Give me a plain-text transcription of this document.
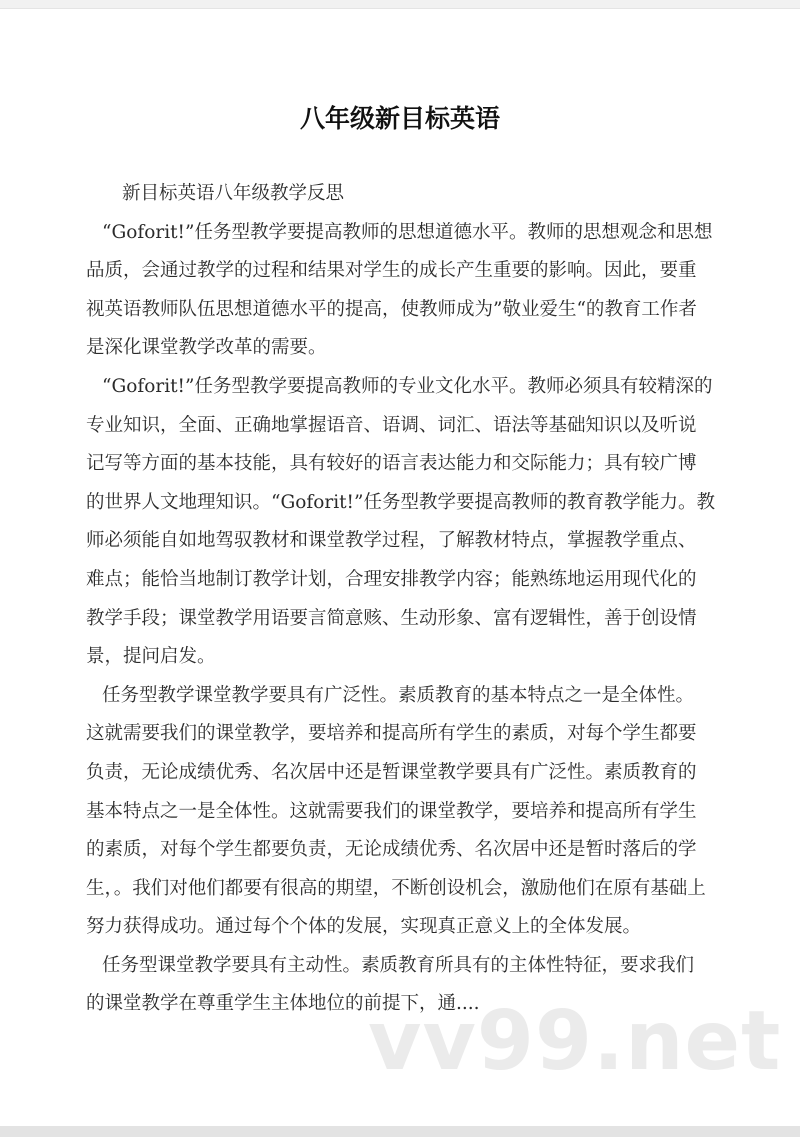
八年级新目标英语
新目标英语八年级教学反思
“Goforit!”任务型教学要提高教师的思想道德水平。教师的思想观念和思想
品质，会通过教学的过程和结果对学生的成长产生重要的影响。因此，要重
视英语教师队伍思想道德水平的提高，使教师成为”敬业爱生“的教育工作者
是深化课堂教学改革的需要。
“Goforit!”任务型教学要提高教师的专业文化水平。教师必须具有较精深的
专业知识，全面、正确地掌握语音、语调、词汇、语法等基础知识以及听说
记写等方面的基本技能，具有较好的语言表达能力和交际能力；具有较广博
的世界人文地理知识。“Goforit!”任务型教学要提高教师的教育教学能力。教
师必须能自如地驾驭教材和课堂教学过程，了解教材特点，掌握教学重点、
难点；能恰当地制订教学计划，合理安排教学内容；能熟练地运用现代化的
教学手段；课堂教学用语要言简意赅、生动形象、富有逻辑性，善于创设情
景，提问启发。
任务型教学课堂教学要具有广泛性。素质教育的基本特点之一是全体性。
这就需要我们的课堂教学，要培养和提高所有学生的素质，对每个学生都要
负责，无论成绩优秀、名次居中还是暂课堂教学要具有广泛性。素质教育的
基本特点之一是全体性。这就需要我们的课堂教学，要培养和提高所有学生
的素质，对每个学生都要负责，无论成绩优秀、名次居中还是暂时落后的学
生，。我们对他们都要有很高的期望，不断创设机会，激励他们在原有基础上
努力获得成功。通过每个个体的发展，实现真正意义上的全体发展。
任务型课堂教学要具有主动性。素质教育所具有的主体性特征，要求我们
的课堂教学在尊重学生主体地位的前提下，通....
vv99.net
